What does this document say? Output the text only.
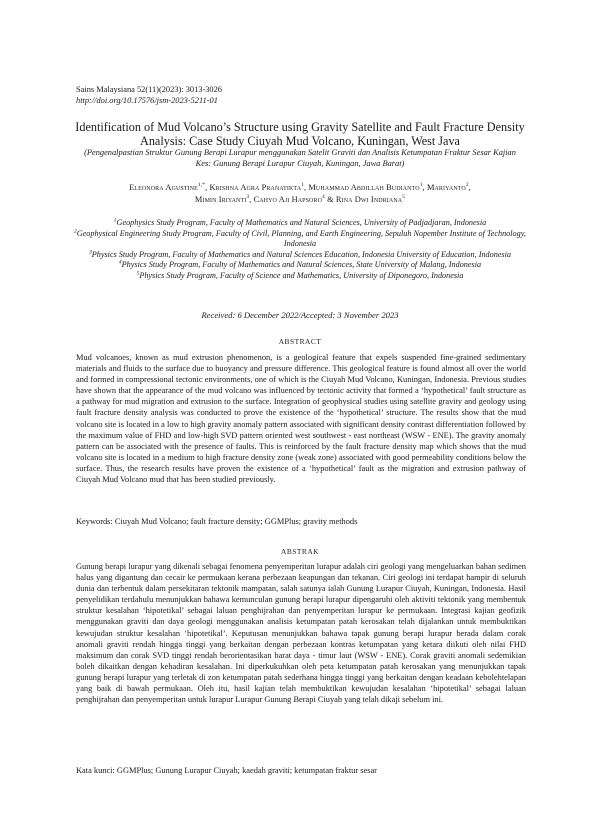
Sains Malaysiana 52(11)(2023): 3013-3026
http://doi.org/10.17576/jsm-2023-5211-01
Identification of Mud Volcano’s Structure using Gravity Satellite and Fault Fracture Density Analysis: Case Study Ciuyah Mud Volcano, Kuningan, West Java
(Pengenalpastian Struktur Gunung Berapi Lurapur menggunakan Satelit Graviti dan Analisis Ketumpatan Fraktur Sesar Kajian Kes: Gunung Berapi Lurapur Ciuyah, Kuningan, Jawa Barat)
Eleonora Agustine$^{1,*}$, Krishna Agra Pranatikta$^1$, Muhammad Abdillah Budianto$^1$, Mariyanto$^2$,
Mimin Iriyanti$^3$, Cahyo Aji Hapsoro$^4$ & Rina Dwi Indriana$^5$

$^1$Geophysics Study Program, Faculty of Mathematics and Natural Sciences, University of Padjadjaran, Indonesia

$^2$Geophysical Engineering Study Program, Faculty of Civil, Planning, and Earth Engineering, Sepuluh Nopember Institute of Technology, Indonesia

$^3$Physics Study Program, Faculty of Mathematics and Natural Sciences Education, Indonesia University of Education, Indonesia

$^4$Physics Study Program, Faculty of Mathematics and Natural Sciences, State University of Malang, Indonesia

$^5$Physics Study Program, Faculty of Science and Mathematics, University of Diponegoro, Indonesia

Received: 6 December 2022/Accepted: 3 November 2023
ABSTRACT
Mud volcanoes, known as mud extrusion phenomenon, is a geological feature that expels suspended fine-grained sedimentary materials and fluids to the surface due to buoyancy and pressure difference. This geological feature is found almost all over the world and formed in compressional tectonic environments, one of which is the Ciuyah Mud Volcano, Kuningan, Indonesia. Previous studies have shown that the appearance of the mud volcano was influenced by tectonic activity that formed a ‘hypothetical’ fault structure as a pathway for mud migration and extrusion to the surface. Integration of geophysical studies using satellite gravity and geology using fault fracture density analysis was conducted to prove the existence of the ‘hypothetical’ structure. The results show that the mud volcano site is located in a low to high gravity anomaly pattern associated with significant density contrast differentiation followed by the maximum value of FHD and low-high SVD pattern oriented west southwest - east northeast (WSW - ENE). The gravity anomaly pattern can be associated with the presence of faults. This is reinforced by the fault fracture density map which shows that the mud volcano site is located in a medium to high fracture density zone (weak zone) associated with good permeability conditions below the surface. Thus, the research results have proven the existence of a ‘hypothetical’ fault as the migration and extrusion pathway of Ciuyah Mud Volcano mud that has been studied previously.
Keywords: Ciuyah Mud Volcano; fault fracture density; GGMPlus; gravity methods
ABSTRAK
Gunung berapi lurapur yang dikenali sebagai fenomena penyemperitan lurapur adalah ciri geologi yang mengeluarkan bahan sedimen halus yang digantung dan cecair ke permukaan kerana perbezaan keapungan dan tekanan. Ciri geologi ini terdapat hampir di seluruh dunia dan terbentuk dalam persekitaran tektonik mampatan, salah satunya ialah Gunung Lurapur Ciuyah, Kuningan, Indonesia. Hasil penyelidikan terdahulu menunjukkan bahawa kemunculan gunung berapi lurapur dipengaruhi oleh aktiviti tektonik yang membentuk struktur kesalahan ‘hipotetikal’ sebagai laluan penghijrahan dan penyemperitan lurapur ke permukaan. Integrasi kajian geofizik menggunakan graviti dan daya geologi menggunakan analisis ketumpatan patah kerosakan telah dijalankan untuk membuktikan kewujudan struktur kesalahan ‘hipotetikal’. Keputusan menunjukkan bahawa tapak gunung berapi lurapur berada dalam corak anomali graviti rendah hingga tinggi yang berkaitan dengan perbezaan kontras ketumpatan yang ketara diikuti oleh nilai FHD maksimum dan corak SVD tinggi rendah berorientasikan barat daya - timur laut (WSW - ENE). Corak graviti anomali sedemikian boleh dikaitkan dengan kehadiran kesalahan. Ini diperkukuhkan oleh peta ketumpatan patah kerosakan yang menunjukkan tapak gunung berapi lurapur yang terletak di zon ketumpatan patah sederhana hingga tinggi yang berkaitan dengan keadaan kebolehtelapan yang baik di bawah permukaan. Oleh itu, hasil kajian telah membuktikan kewujudan kesalahan ‘hipotetikal’ sebagai laluan penghijrahan dan penyemperitan untuk lurapur Lurapur Gunung Berapi Ciuyah yang telah dikaji sebelum ini.
Kata kunci: GGMPlus; Gunung Lurapur Ciuyah; kaedah graviti; ketumpatan fraktur sesar
